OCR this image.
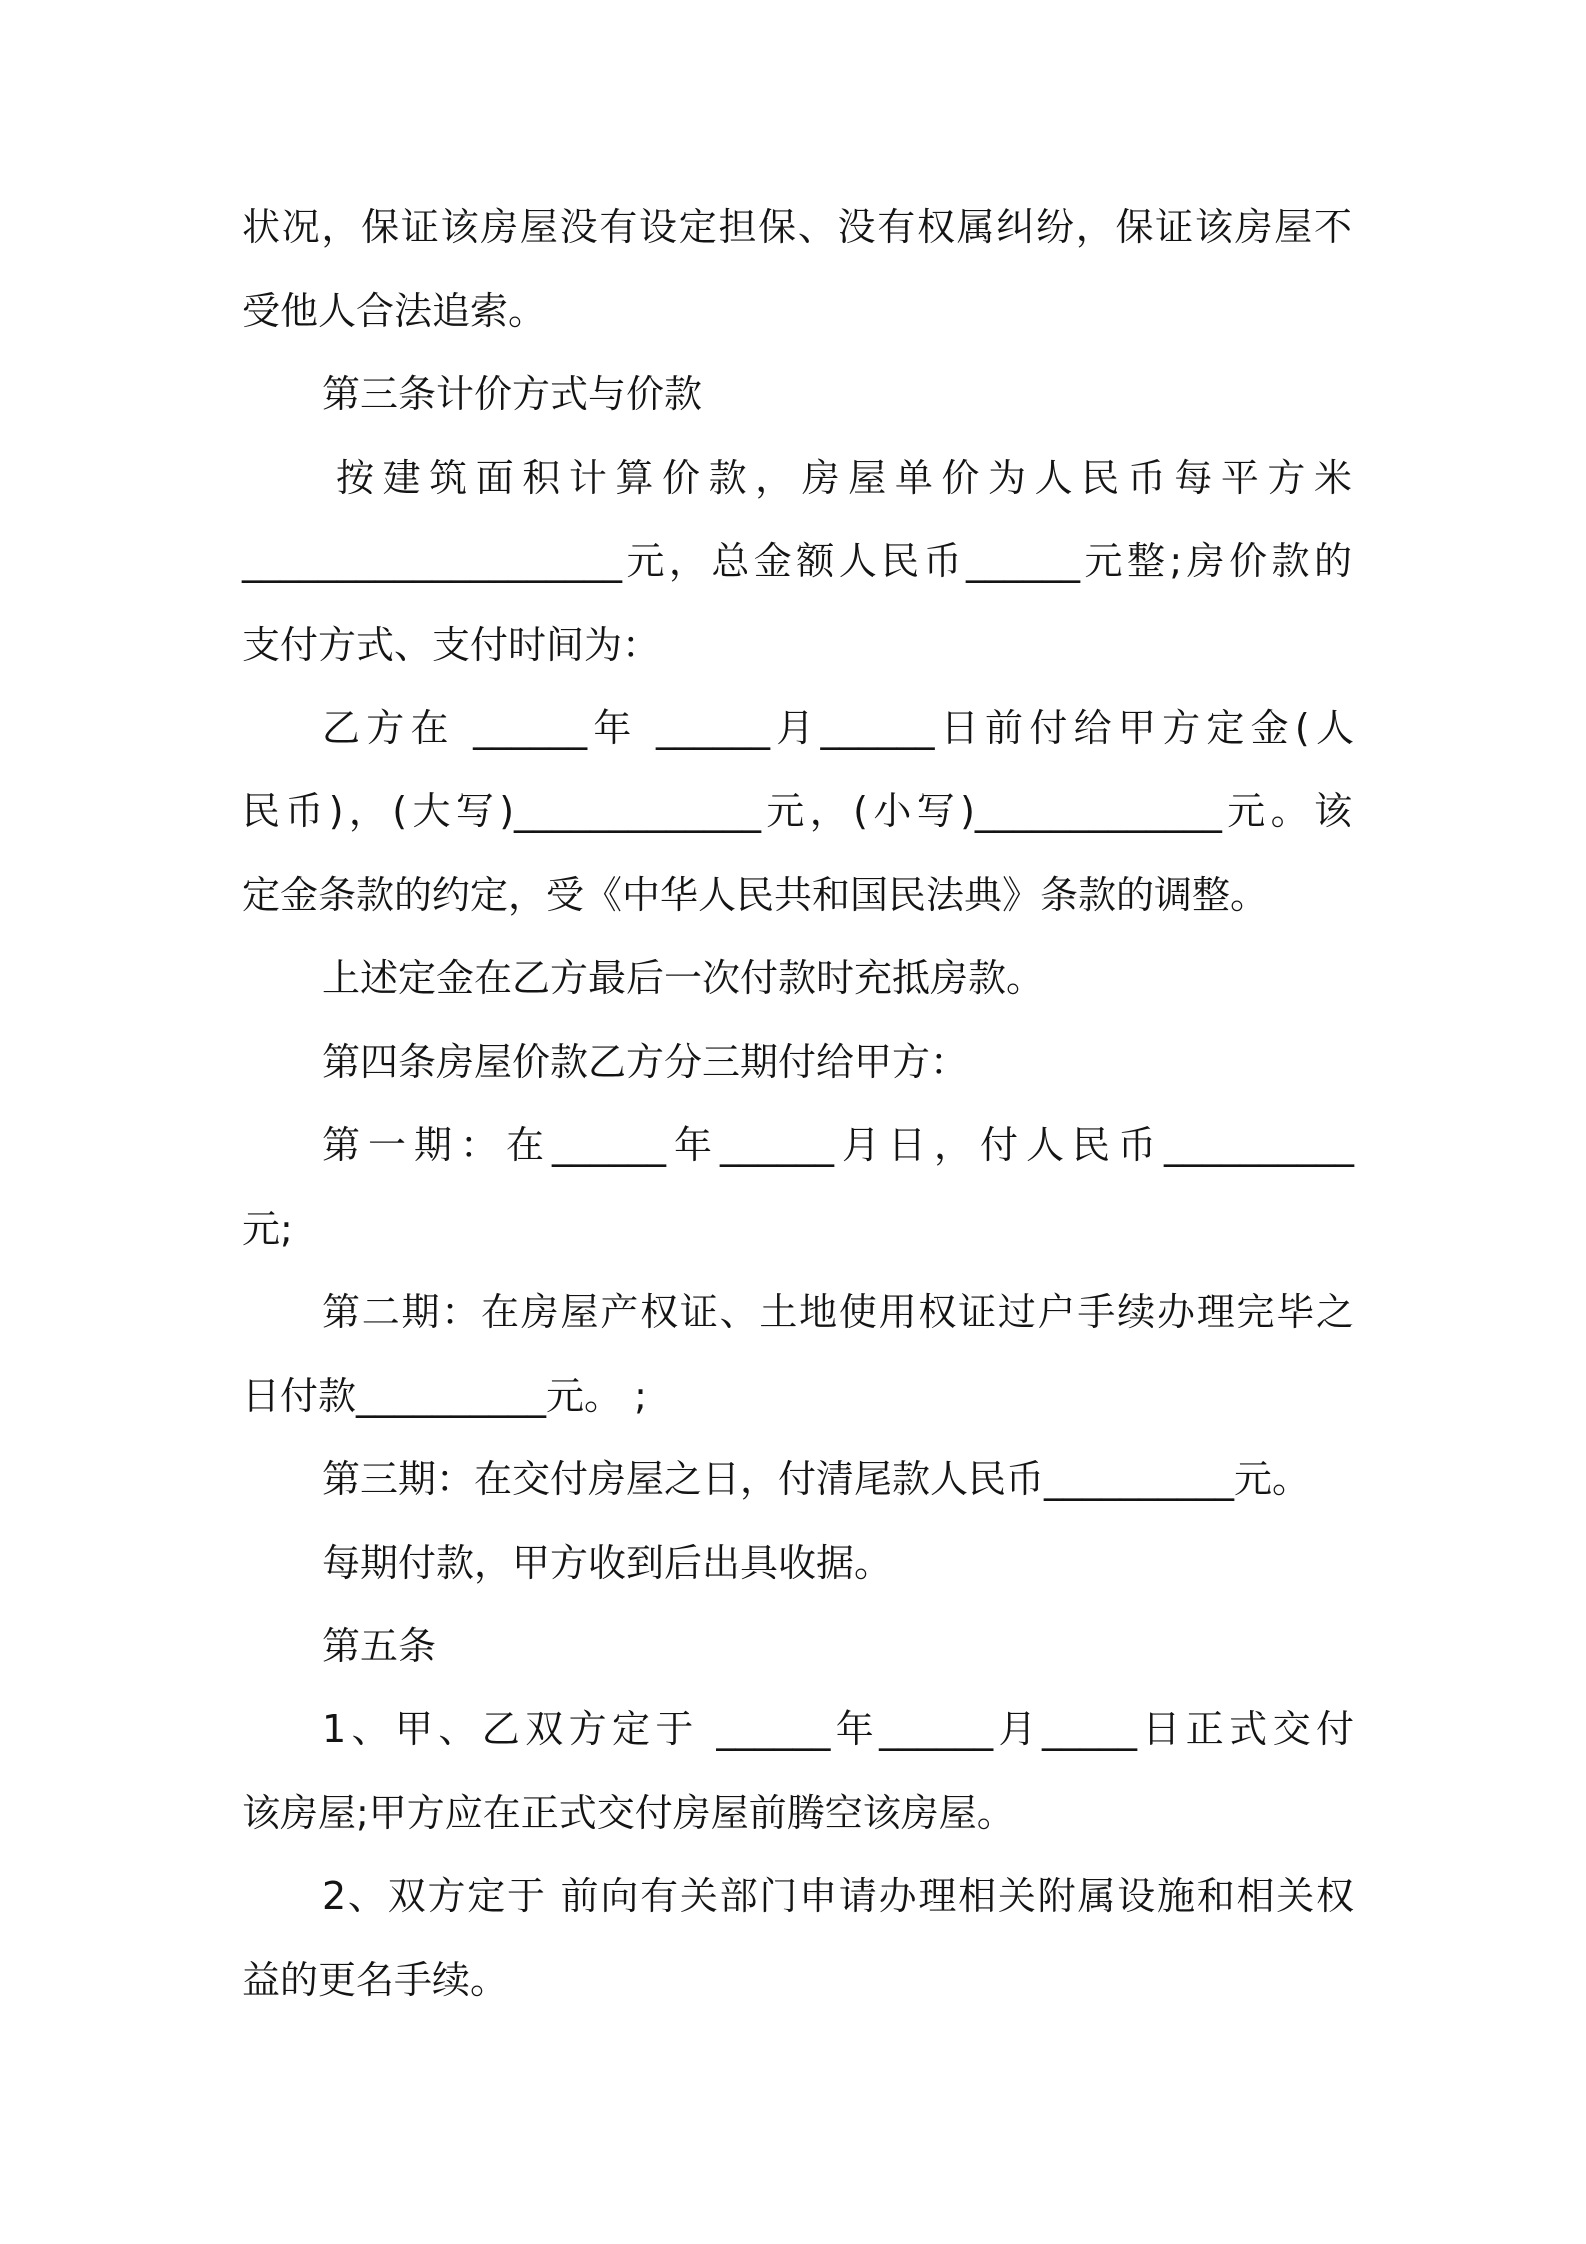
状况，保证该房屋没有设定担保、没有权属纠纷，保证该房屋不
受他人合法追索。
第三条计价方式与价款
按建筑面积计算价款，房屋单价为人民币每平方米
____________________元，总金额人民币______元整;房价款的
支付方式、支付时间为：
乙方在 ______年 ______月______日前付给甲方定金(人
民币)，(大写)_____________元，(小写)_____________元。该
定金条款的约定，受《中华人民共和国民法典》条款的调整。
上述定金在乙方最后一次付款时充抵房款。
第四条房屋价款乙方分三期付给甲方：
第一期：在______年______月日，付人民币__________
元;
第二期：在房屋产权证、土地使用权证过户手续办理完毕之
日付款__________元。 ;
第三期：在交付房屋之日，付清尾款人民币__________元。
每期付款，甲方收到后出具收据。
第五条
1、甲、乙双方定于 ______年______月_____日正式交付
该房屋;甲方应在正式交付房屋前腾空该房屋。
2、双方定于 前向有关部门申请办理相关附属设施和相关权
益的更名手续。
